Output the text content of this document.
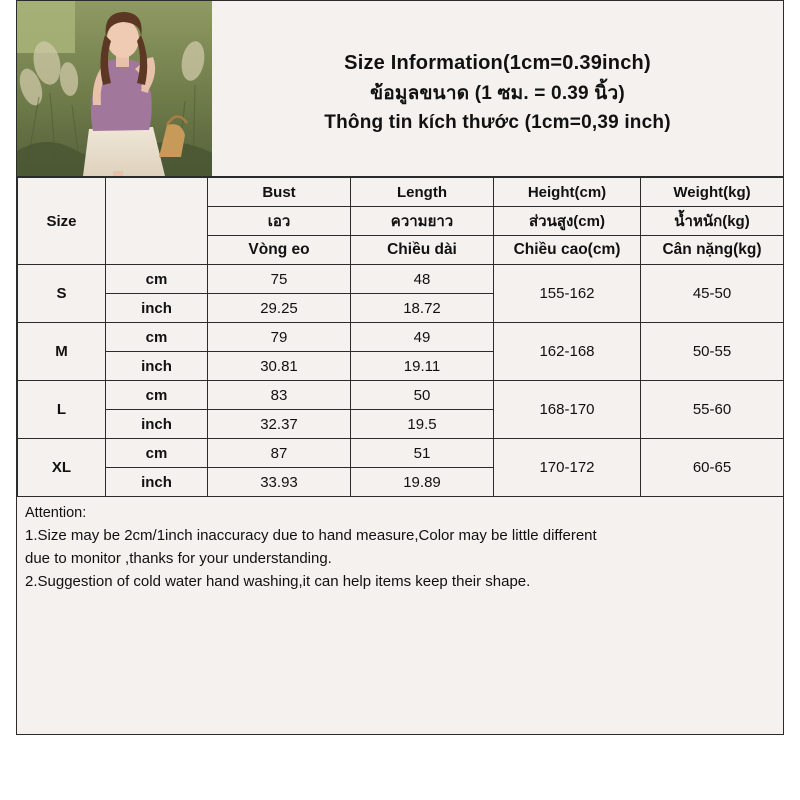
Size Information(1cm=0.39inch)
ข้อมูลขนาด (1 ซม. = 0.39 นิ้ว)
Thông tin kích thước (1cm=0,39 inch)
Size		Bust	Length	Height(cm)	Weight(kg)
		เอว	ความยาว	ส่วนสูง(cm)	น้ำหนัก(kg)
		Vòng eo	Chiều dài	Chiều cao(cm)	Cân nặng(kg)
S	cm	75	48	155-162	45-50
	inch	29.25	18.72		
M	cm	79	49	162-168	50-55
	inch	30.81	19.11		
L	cm	83	50	168-170	55-60
	inch	32.37	19.5		
XL	cm	87	51	170-172	60-65
	inch	33.93	19.89		

Attention:

1.Size may be 2cm/1inch inaccuracy due to hand measure,Color may be little different

due to monitor ,thanks for your understanding.

2.Suggestion of cold water hand washing,it can help items keep their shape.
